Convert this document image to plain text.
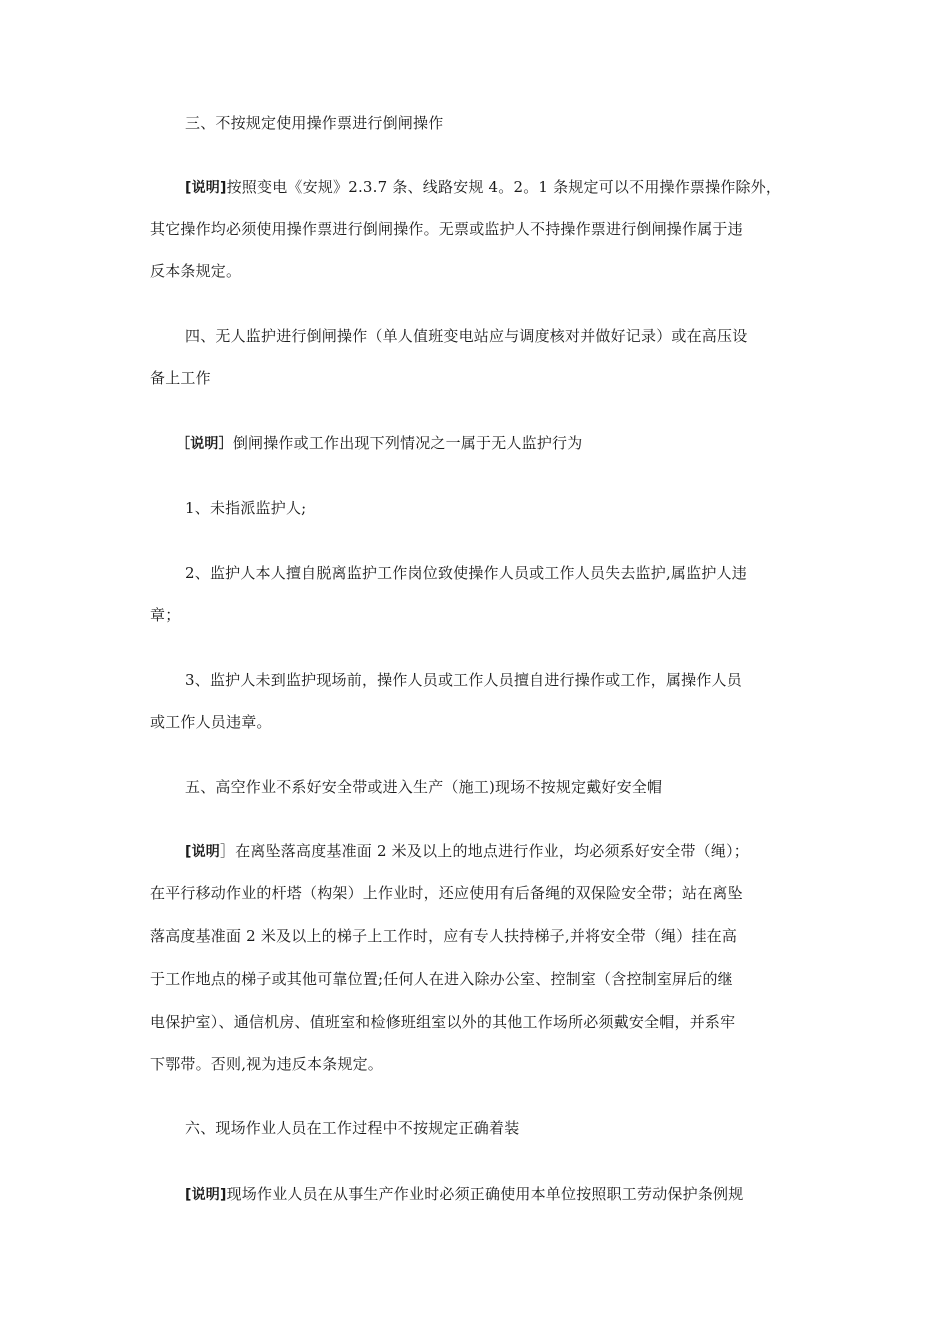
三、不按规定使用操作票进行倒闸操作
[说明]按照变电《安规》2.3.7 条、线路安规 4。2。1 条规定可以不用操作票操作除外，
其它操作均必须使用操作票进行倒闸操作。无票或监护人不持操作票进行倒闸操作属于违
反本条规定。
四、无人监护进行倒闸操作（单人值班变电站应与调度核对并做好记录）或在高压设
备上工作
［说明］倒闸操作或工作出现下列情况之一属于无人监护行为
1、未指派监护人;
2、监护人本人擅自脱离监护工作岗位致使操作人员或工作人员失去监护,属监护人违
章；
3、监护人未到监护现场前，操作人员或工作人员擅自进行操作或工作，属操作人员
或工作人员违章。
五、高空作业不系好安全带或进入生产（施工)现场不按规定戴好安全帽
[说明］在离坠落高度基准面 2 米及以上的地点进行作业，均必须系好安全带（绳）；
在平行移动作业的杆塔（构架）上作业时，还应使用有后备绳的双保险安全带；站在离坠
落高度基准面 2 米及以上的梯子上工作时，应有专人扶持梯子,并将安全带（绳）挂在高
于工作地点的梯子或其他可靠位置;任何人在进入除办公室、控制室（含控制室屏后的继
电保护室）、通信机房、值班室和检修班组室以外的其他工作场所必须戴安全帽，并系牢
下鄂带。否则,视为违反本条规定。
六、现场作业人员在工作过程中不按规定正确着装
[说明]现场作业人员在从事生产作业时必须正确使用本单位按照职工劳动保护条例规
